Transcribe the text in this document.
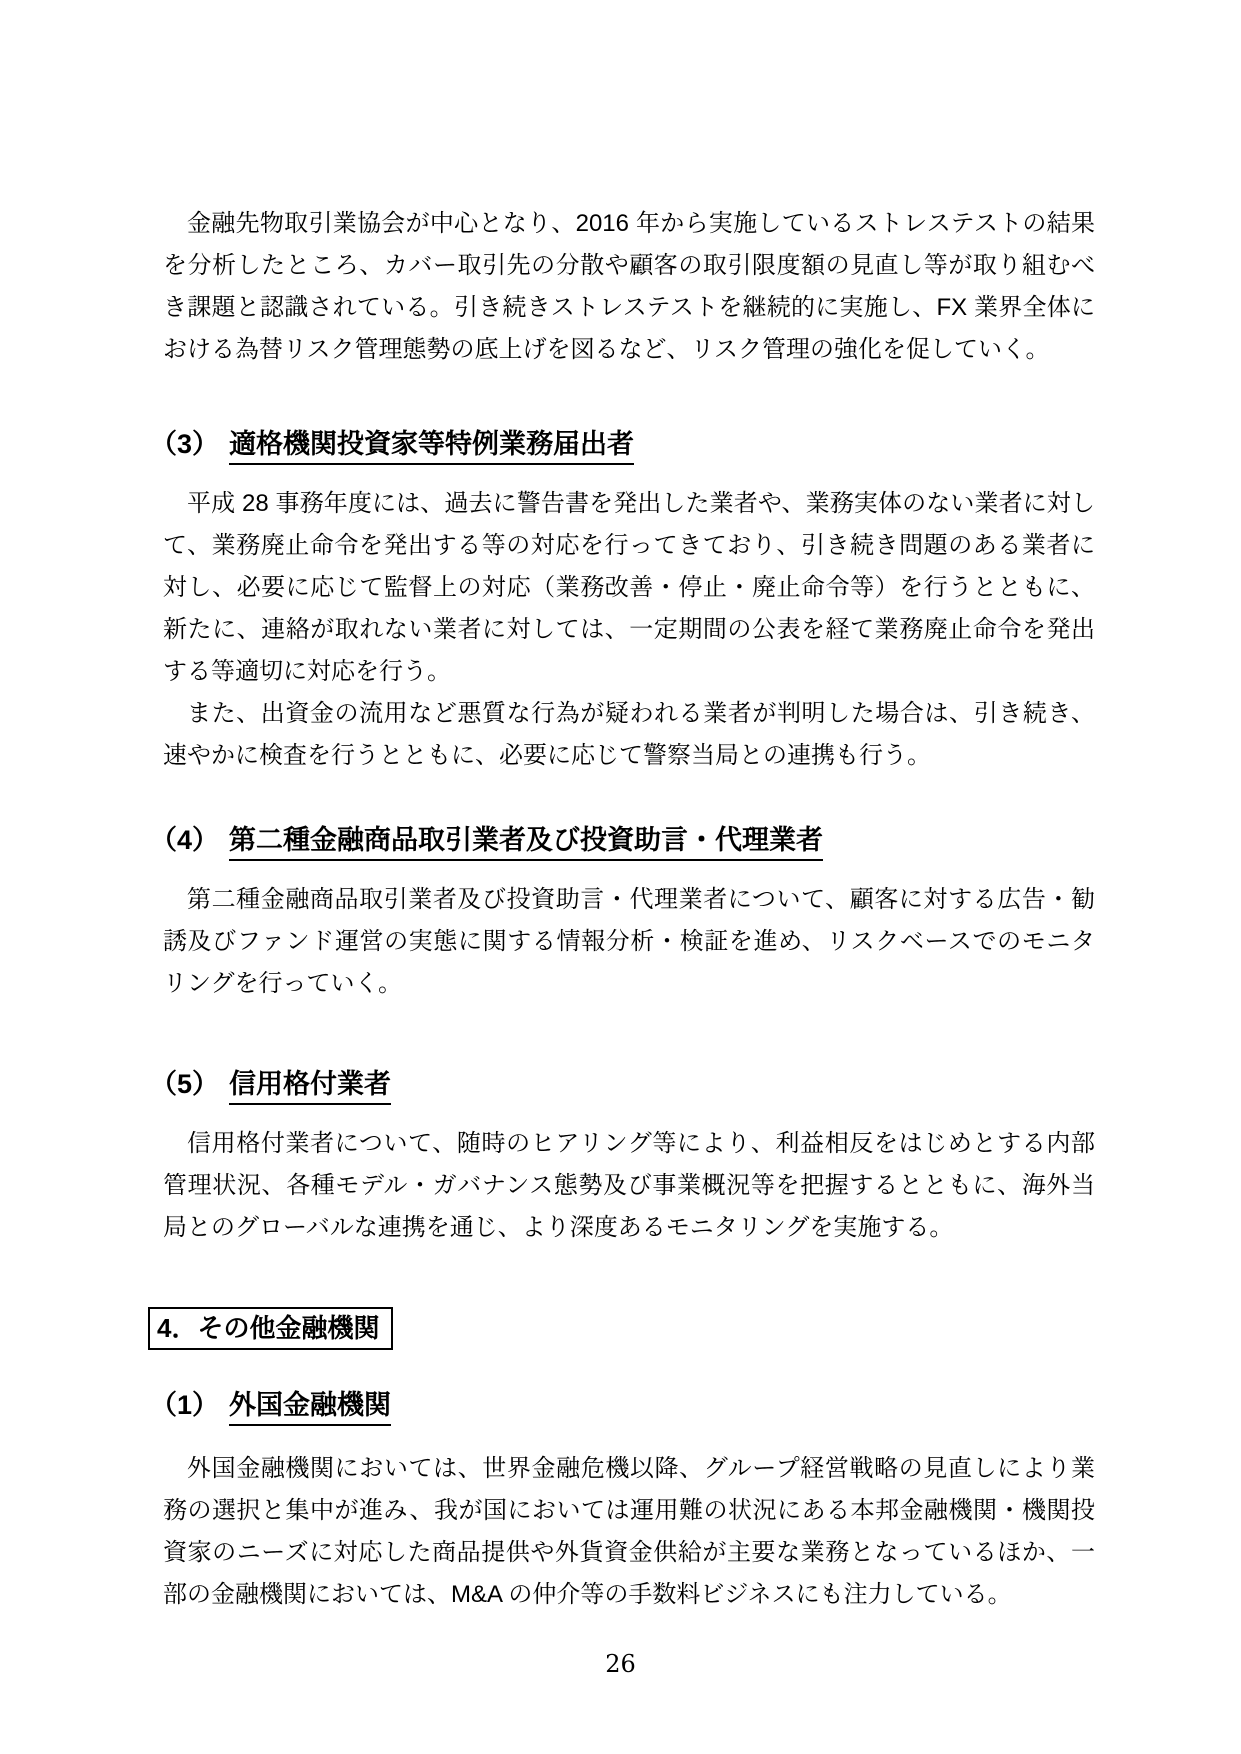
金融先物取引業協会が中心となり、2016 年から実施しているストレステストの結果を分析したところ、カバー取引先の分散や顧客の取引限度額の見直し等が取り組むべき課題と認識されている。引き続きストレステストを継続的に実施し、FX 業界全体における為替リスク管理態勢の底上げを図るなど、リスク管理の強化を促していく。

（3） 適格機関投資家等特例業務届出者

平成 28 事務年度には、過去に警告書を発出した業者や、業務実体のない業者に対して、業務廃止命令を発出する等の対応を行ってきており、引き続き問題のある業者に対し、必要に応じて監督上の対応（業務改善・停止・廃止命令等）を行うとともに、新たに、連絡が取れない業者に対しては、一定期間の公表を経て業務廃止命令を発出する等適切に対応を行う。

また、出資金の流用など悪質な行為が疑われる業者が判明した場合は、引き続き、速やかに検査を行うとともに、必要に応じて警察当局との連携も行う。

（4） 第二種金融商品取引業者及び投資助言・代理業者

第二種金融商品取引業者及び投資助言・代理業者について、顧客に対する広告・勧誘及びファンド運営の実態に関する情報分析・検証を進め、リスクベースでのモニタリングを行っていく。

（5） 信用格付業者

信用格付業者について、随時のヒアリング等により、利益相反をはじめとする内部管理状況、各種モデル・ガバナンス態勢及び事業概況等を把握するとともに、海外当局とのグローバルな連携を通じ、より深度あるモニタリングを実施する。

4．その他金融機関
（1） 外国金融機関

外国金融機関においては、世界金融危機以降、グループ経営戦略の見直しにより業務の選択と集中が進み、我が国においては運用難の状況にある本邦金融機関・機関投資家のニーズに対応した商品提供や外貨資金供給が主要な業務となっているほか、一部の金融機関においては、M&A の仲介等の手数料ビジネスにも注力している。

26
